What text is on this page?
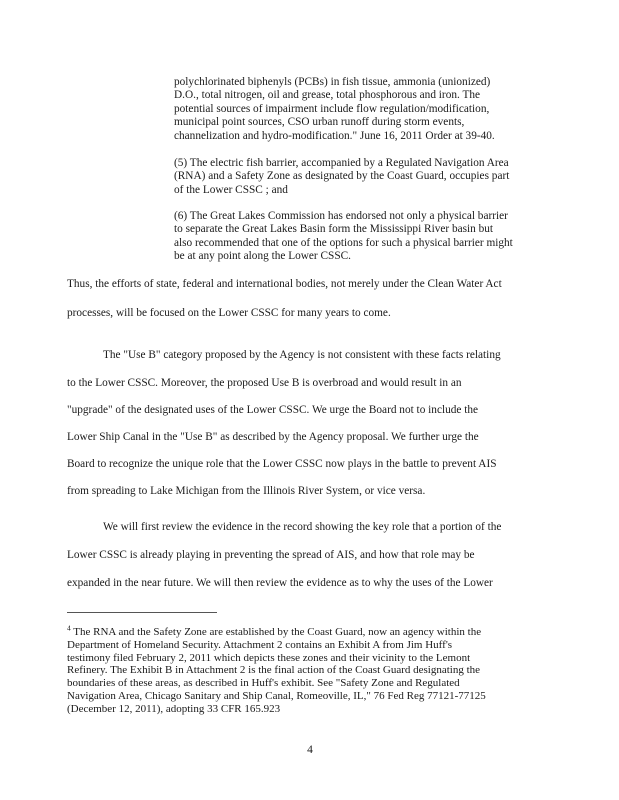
polychlorinated biphenyls (PCBs) in fish tissue, ammonia (unionized)

D.O., total nitrogen, oil and grease, total phosphorous and iron. The

potential sources of impairment include flow regulation/modification,

municipal point sources, CSO urban runoff during storm events,

channelization and hydro-modification." June 16, 2011 Order at 39-40.

(5) The electric fish barrier, accompanied by a Regulated Navigation Area

(RNA) and a Safety Zone as designated by the Coast Guard, occupies part

of the Lower CSSC ; and

(6) The Great Lakes Commission has endorsed not only a physical barrier

to separate the Great Lakes Basin form the Mississippi River basin but

also recommended that one of the options for such a physical barrier might

be at any point along the Lower CSSC.

Thus, the efforts of state, federal and international bodies, not merely under the Clean Water Act
processes, will be focused on the Lower CSSC for many years to come.
The "Use B" category proposed by the Agency is not consistent with these facts relating
to the Lower CSSC. Moreover, the proposed Use B is overbroad and would result in an
"upgrade" of the designated uses of the Lower CSSC. We urge the Board not to include the
Lower Ship Canal in the "Use B" as described by the Agency proposal. We further urge the
Board to recognize the unique role that the Lower CSSC now plays in the battle to prevent AIS
from spreading to Lake Michigan from the Illinois River System, or vice versa.
We will first review the evidence in the record showing the key role that a portion of the
Lower CSSC is already playing in preventing the spread of AIS, and how that role may be
expanded in the near future. We will then review the evidence as to why the uses of the Lower

$^4$ The RNA and the Safety Zone are established by the Coast Guard, now an agency within the

Department of Homeland Security. Attachment 2 contains an Exhibit A from Jim Huff's

testimony filed February 2, 2011 which depicts these zones and their vicinity to the Lemont

Refinery. The Exhibit B in Attachment 2 is the final action of the Coast Guard designating the

boundaries of these areas, as described in Huff's exhibit. See "Safety Zone and Regulated

Navigation Area, Chicago Sanitary and Ship Canal, Romeoville, IL," 76 Fed Reg 77121-77125

(December 12, 2011), adopting 33 CFR 165.923

4
